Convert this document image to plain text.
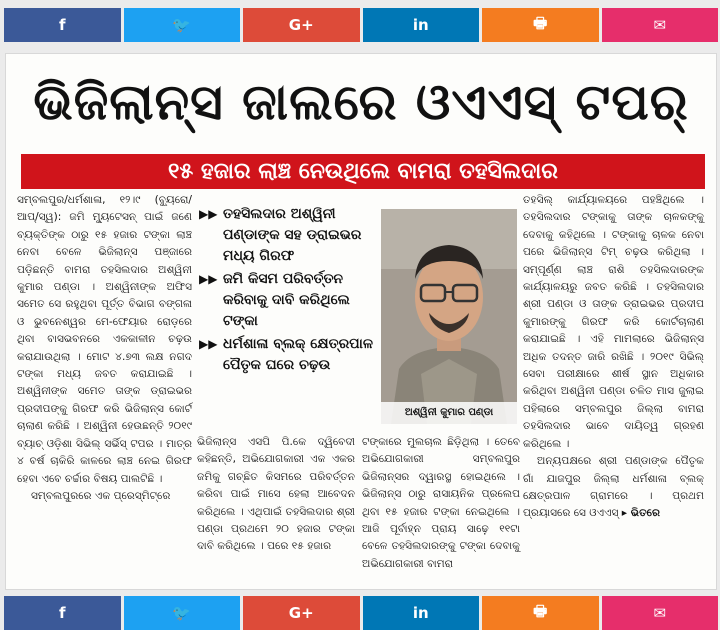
f	🐦	G+	in	🖶	✉
ଭିଜିଲାନ୍ସ ଜାଲରେ ଓଏଏସ୍ ଟପର୍
୧୫ ହଜାର ଲାଞ୍ଚ ନେଉଥିଲେ ବାମରା ତହସିଲଦାର

ସମ୍ବଲପୁର/ଧର୍ମଶାଳା, ୧୨।୯ (ବ୍ୟୁରୋ/ଆପ୍/ସ୍ୱ): ଜମି ମ୍ୟୁଟେସନ୍ ପାଇଁ ଜଣେ ବ୍ୟକ୍ତିଙ୍କ ଠାରୁ ୧୫ ହଜାର ଟଙ୍କା ଲାଞ୍ଚ ନେବା ବେଳେ ଭିଜିଲାନ୍ସ ପଞ୍ଜାରେ ପଡ଼ିଛନ୍ତି ବାମରା ତହସିଲଦାର ଅଶ୍ୱିନୀ କୁମାର ପଣ୍ଡା । ଅଶ୍ୱିନୀଙ୍କ ଅଫିସ ସମେତ ସେ ରହୁଥିବା ପୂର୍ତ୍ତ ବିଭାଗ ବଙ୍ଗଳା ଓ ଭୁବନେଶ୍ୱର ମେ-ଫେୟାର ରୋଡ଼ରେ ଥିବା ବାସଭବନରେ ଏକକାଳୀନ ଚଢ଼ଉ କରାଯାଉଥିଲା । ମୋଟ ୪.୭୩ ଲକ୍ଷ ନଗଦ ଟଙ୍କା ମଧ୍ୟ ଜବତ କରାଯାଇଛି । ଅଶ୍ୱିନୀଙ୍କ ସମେତ ତାଙ୍କ ଡ୍ରାଇଭର ପ୍ରଦୀପଙ୍କୁ ଗିରଫ କରି ଭିଜିଲାନ୍ସ କୋର୍ଟ ଚାଲାଣ କରିଛି । ଅଶ୍ୱିନୀ ହେଉଛନ୍ତି ୨୦୧୯ ବ୍ୟାଚ୍ ଓଡ଼ିଶା ସିଭିଲ୍ ସର୍ଭିସ୍ ଟପର । ମାତ୍ର ୪ ବର୍ଷ ଚାକିରି କାଳରେ ଲାଞ୍ଚ ନେଇ ଗିରଫ ହେବା ଏବେ ଚର୍ଚ୍ଚାର ବିଷୟ ପାଲଟିଛି ।

ସମ୍ବଲପୁରରେ ଏକ ପ୍ରେସ୍‌ମିଟ୍‌ରେ

▶▶ ତହସିଲଦାର ଅଶ୍ୱିନୀ ପଣ୍ଡାଙ୍କ ସହ ଡ୍ରାଇଭର ମଧ୍ୟ ଗିରଫ
▶▶ ଜମି କିସମ ପରିବର୍ତ୍ତନ କରିବାକୁ ଦାବି କରିଥିଲେ ଟଙ୍କା
▶▶ ଧର୍ମଶାଳା ବ୍ଲକ୍ କ୍ଷେତ୍ରପାଳ ପୈତୃକ ଘରେ ଚଢ଼ଉ
ଅଶ୍ୱିନୀ କୁମାର ପଣ୍ଡା

ଭିଜିଲାନ୍ସ ଏସପି ପି.କେ ଦ୍ୱିବେଦୀ କହିଛନ୍ତି, ଅଭିଯୋଗକାରୀ ଏକ ଏକର ଜମିକୁ ଗଚ୍ଛିତ କିସମରେ ପରିବର୍ତ୍ତନ କରିବା ପାଇଁ ମାସେ ହେଲା ଆବେଦନ କରିଥିଲେ । ଏଥିପାଇଁ ତହସିଲଦାର ଶ୍ରୀ ପଣ୍ଡା ପ୍ରଥମେ ୨୦ ହଜାର ଟଙ୍କା ଦାବି କରିଥିଲେ । ପରେ ୧୫ ହଜାର

ଟଙ୍କାରେ ମୁଲଚାଲ ଛିଡ଼ିଥିଲା । ତେବେ ଅଭିଯୋଗକାରୀ ସମ୍ବଲପୁର ଭିଜିଲାନ୍ସର ଦ୍ୱାରସ୍ଥ ହୋଇଥିଲେ । ଭିଜିଲାନ୍ସ ଠାରୁ ରାସାୟନିକ ପ୍ରଲେପ ଥିବା ୧୫ ହଜାର ଟଙ୍କା ନେଇଥିଲେ । ଆଜି ପୂର୍ବାହ୍ନ ପ୍ରାୟ ସାଢ଼େ ୧୧ଟା ବେଳେ ତହସିଲଦାରଙ୍କୁ ଟଙ୍କା ଦେବାକୁ ଅଭିଯୋଗକାରୀ ବାମରା

ତହସିଲ୍ କାର୍ଯ୍ୟାଳୟରେ ପହଞ୍ଚିଥିଲେ । ତହସିଲଦାର ଟଙ୍କାକୁ ତାଙ୍କ ଚାଳକଙ୍କୁ ଦେବାକୁ କହିଥିଲେ । ଟଙ୍କାକୁ ଚାଳକ ନେବା ପରେ ଭିଜିଲାନ୍ସ ଟିମ୍ ଚଢ଼ଉ କରିଥିଲା । ସମ୍ପୂର୍ଣ୍ଣ ଲାଞ୍ଚ ରାଶି ତହସିଲଦାରଙ୍କ କାର୍ଯ୍ୟାଳୟରୁ ଜବତ କରିଛି । ତହସିଲଦାର ଶ୍ରୀ ପଣ୍ଡା ଓ ତାଙ୍କ ଡ୍ରାଇଭର ପ୍ରଦୀପ କୁମାରଙ୍କୁ ଗିରଫ କରି କୋର୍ଟଚାଲାଣ କରାଯାଇଛି । ଏହି ମାମଲାରେ ଭିଜିଲାନ୍ସ ଅଧିକ ତଦନ୍ତ ଜାରି ରଖିଛି । ୨୦୧୯ ସିଭିଲ୍ ସେବା ପରୀକ୍ଷାରେ ଶୀର୍ଷ ସ୍ଥାନ ଅଧିକାର କରିଥିବା ଅଶ୍ୱିନୀ ପଣ୍ଡା ଚଳିତ ମାସ ଜୁଲାଇ ପହିଲାରେ ସମ୍ବଲପୁର ଜିଲ୍ଲା ବାମରା ତହସିଲଦାର ଭାବେ ଦାୟିତ୍ୱ ଗ୍ରହଣ କରିଥିଲେ ।

ଅନ୍ୟପକ୍ଷରେ ଶ୍ରୀ ପଣ୍ଡାଙ୍କ ପୈତୃକ ଗାଁ ଯାଜପୁର ଜିଲ୍ଲା ଧର୍ମଶାଳା ବ୍ଲକ୍ କ୍ଷେତ୍ରପାଳ ଗ୍ରାମରେ । ପ୍ରଥମ ପ୍ରୟାସରେ ସେ ଓଏଏସ୍ ▸ ଭିତରେ

f	🐦	G+	in	🖶	✉
